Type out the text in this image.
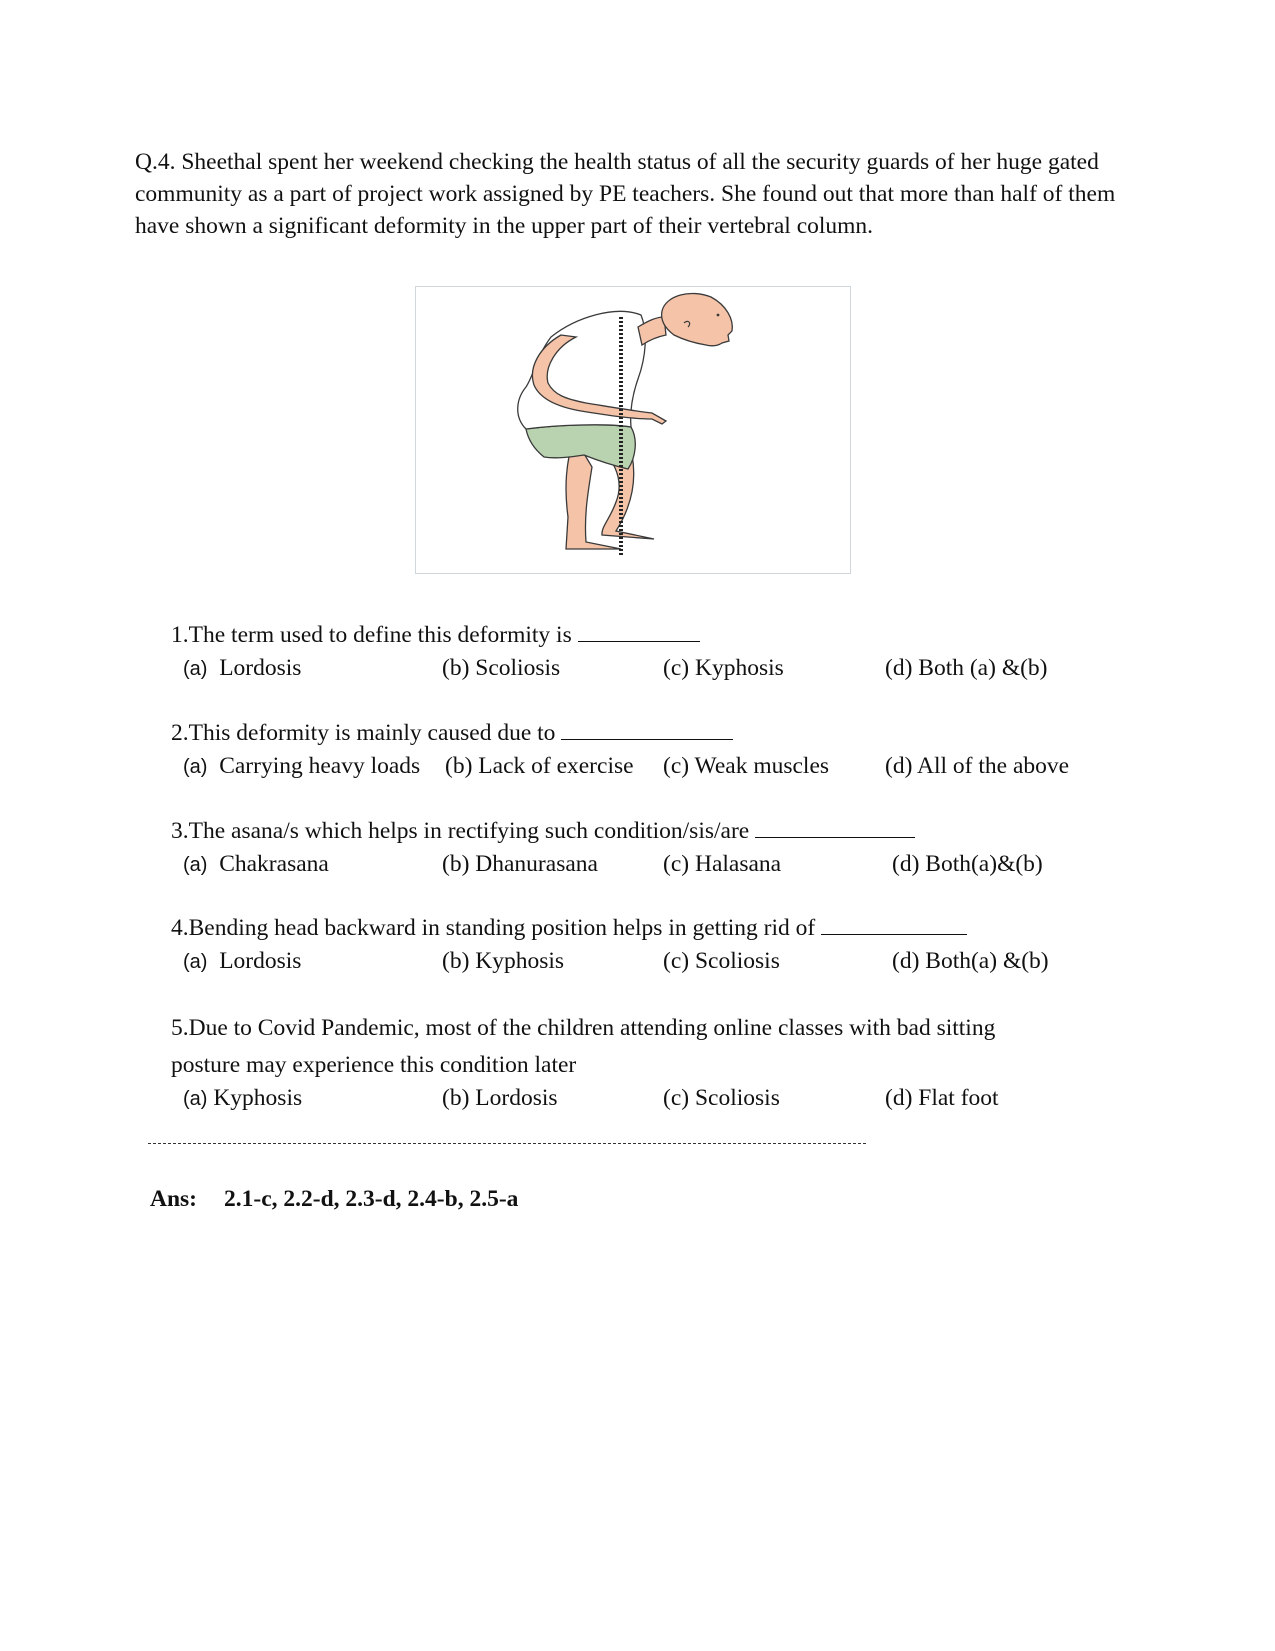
Q.4. Sheethal spent her weekend checking the health status of all the security guards of her huge gated community as a part of project work assigned by PE teachers. She found out that more than half of them have shown a significant deformity in the upper part of their vertebral column.
1.The term used to define this deformity is
(a) Lordosis	(b) Scoliosis	(c) Kyphosis	(d) Both (a) &(b)
2.This deformity is mainly caused due to
(a) Carrying heavy loads (b) Lack of exercise (c) Weak muscles (d) All of the above
3.The asana/s which helps in rectifying such condition/sis/are
(a) Chakrasana	(b) Dhanurasana	(c) Halasana	(d) Both(a)&(b)
4.Bending head backward in standing position helps in getting rid of
(a) Lordosis	(b) Kyphosis	(c) Scoliosis	(d) Both(a) &(b)
5.Due to Covid Pandemic, most of the children attending online classes with bad sitting
posture may experience this condition later
(a) Kyphosis	(b) Lordosis	(c) Scoliosis	(d) Flat foot
Ans: 2.1-c, 2.2-d, 2.3-d, 2.4-b, 2.5-a
